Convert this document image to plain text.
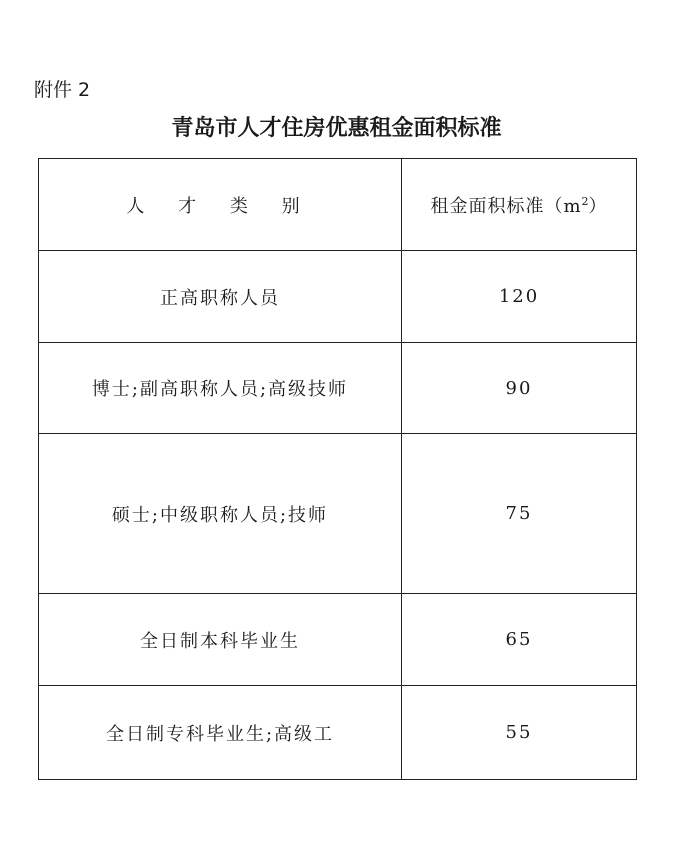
附件 2
青岛市人才住房优惠租金面积标准
人 才 类 别	租金面积标准$(m^2)$
正高职称人员	120
博士;副高职称人员;高级技师	90
硕士;中级职称人员;技师	75
全日制本科毕业生	65
全日制专科毕业生;高级工	55
